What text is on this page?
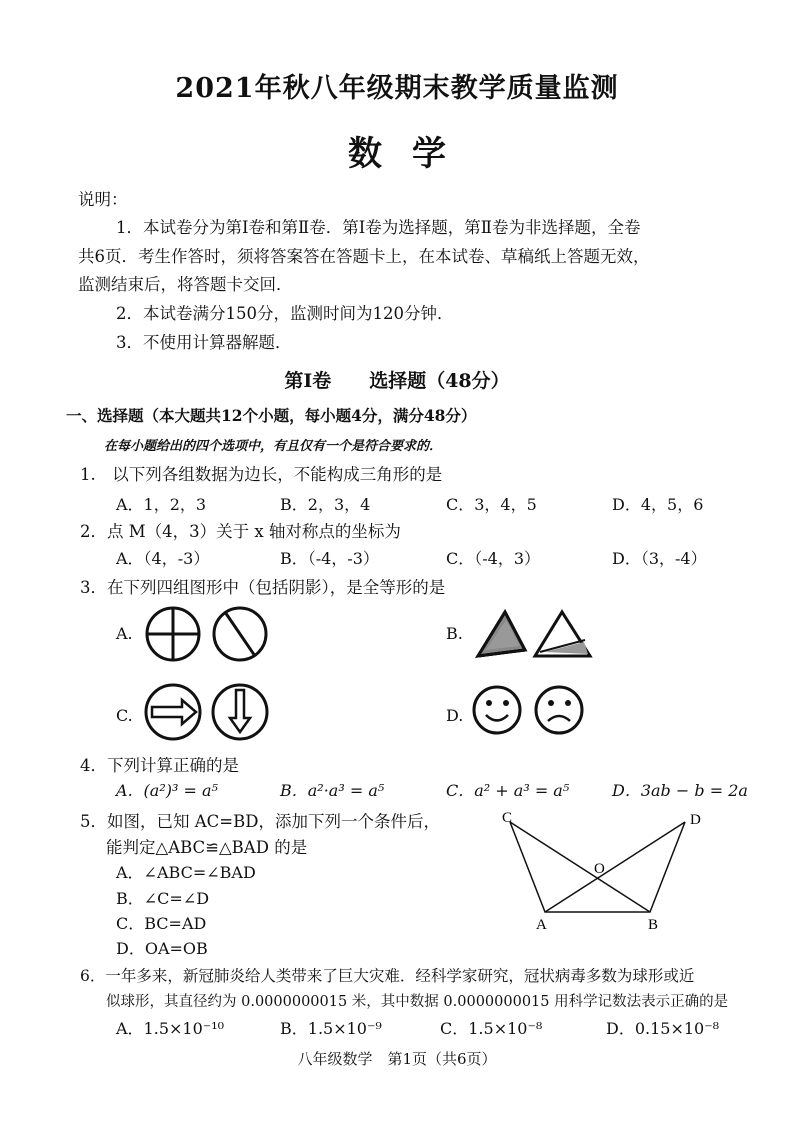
2021年秋八年级期末教学质量监测
数学
说明：
1．本试卷分为第Ⅰ卷和第Ⅱ卷．第Ⅰ卷为选择题，第Ⅱ卷为非选择题，全卷
共6页．考生作答时，须将答案答在答题卡上，在本试卷、草稿纸上答题无效，
监测结束后，将答题卡交回．
2．本试卷满分150分，监测时间为120分钟．
3．不使用计算器解题．
第Ⅰ卷　　选择题（48分）
一、选择题（本大题共12个小题，每小题4分，满分48分）
在每小题给出的四个选项中，有且仅有一个是符合要求的．
1.　以下列各组数据为边长，不能构成三角形的是
A．1，2，3	B．2，3，4	C．3，4，5	D．4，5，6
2．点 M（4，3）关于 x 轴对称点的坐标为
A．（4，-3）	B．（-4，-3）	C．（-4，3）	D．（3，-4）
3．在下列四组图形中（包括阴影），是全等形的是
A.	B.
C.	D.
4．下列计算正确的是
A．(a²)³ = a⁵	B．a²·a³ = a⁵	C．a² + a³ = a⁵	D．3ab − b = 2a
5．如图，已知 AC=BD，添加下列一个条件后，
能判定△ABC≌△BAD 的是
A．∠ABC=∠BAD
B．∠C=∠D
C．BC=AD
D．OA=OB
C	D
O
A	B
6．一年多来，新冠肺炎给人类带来了巨大灾难．经科学家研究，冠状病毒多数为球形或近
似球形，其直径约为 0.0000000015 米，其中数据 0.0000000015 用科学记数法表示正确的是
A．1.5×10⁻¹⁰	B．1.5×10⁻⁹	C．1.5×10⁻⁸	D．0.15×10⁻⁸
八年级数学　第1页（共6页）
